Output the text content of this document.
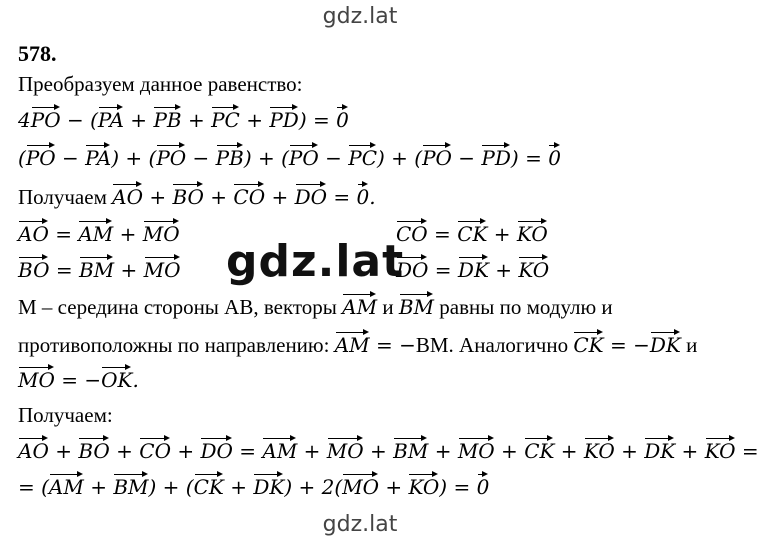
gdz.lat
578.
Преобразуем данное равенство:
4PO − (PA + PB + PC + PD) = 0
(PO − PA) + (PO − PB) + (PO − PC) + (PO − PD) = 0
Получаем AO + BO + CO + DO = 0.
AO = AM + MO	CO = CK + KO
BO = BM + MO	DO = DK + KO
gdz.lat
M – середина стороны AB, векторы AM и BM равны по модулю и
противоположны по направлению: AM = −BM. Аналогично CK = −DK и
MO = −OK.
Получаем:
AO + BO + CO + DO = AM + MO + BM + MO + CK + KO + DK + KO =
= (AM + BM) + (CK + DK) + 2(MO + KO) = 0
gdz.lat
